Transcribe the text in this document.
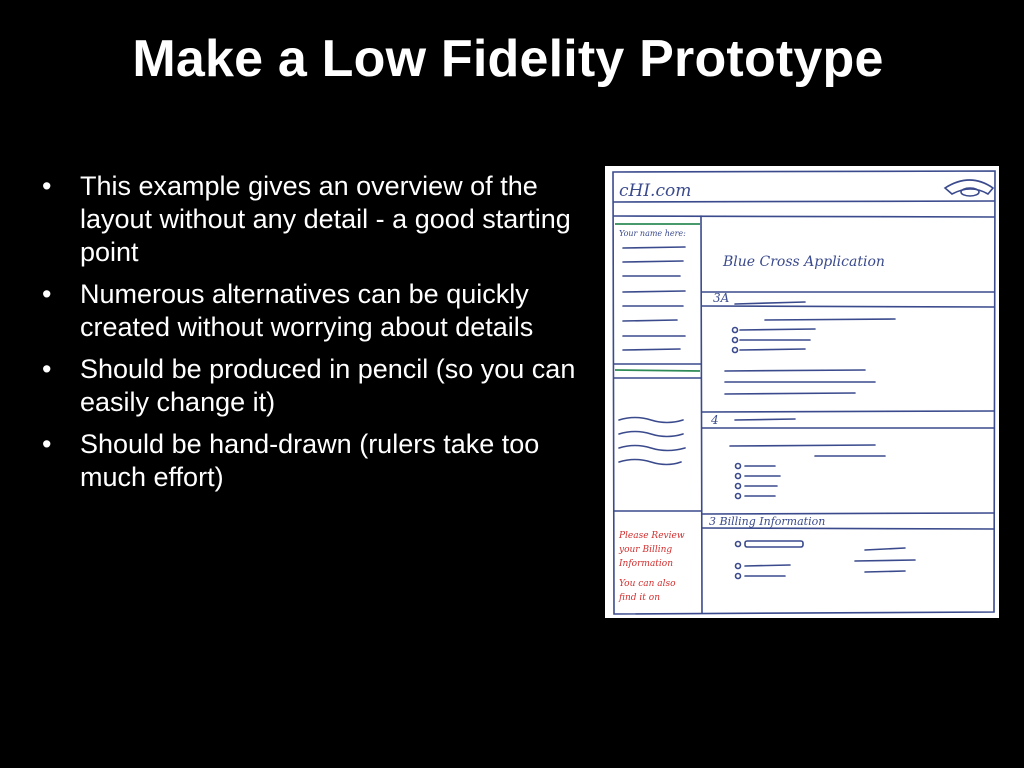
Make a Low Fidelity Prototype
• This example gives an overview of the layout without any detail - a good starting point
• Numerous alternatives can be quickly created without worrying about details
• Should be produced in pencil (so you can easily change it)
• Should be hand-drawn (rulers take too much effort)
cHI.com
Blue Cross Application
3A
4
3 Billing Information
Your name here:
Please Review
your Billing
Information
You can also
find it on
